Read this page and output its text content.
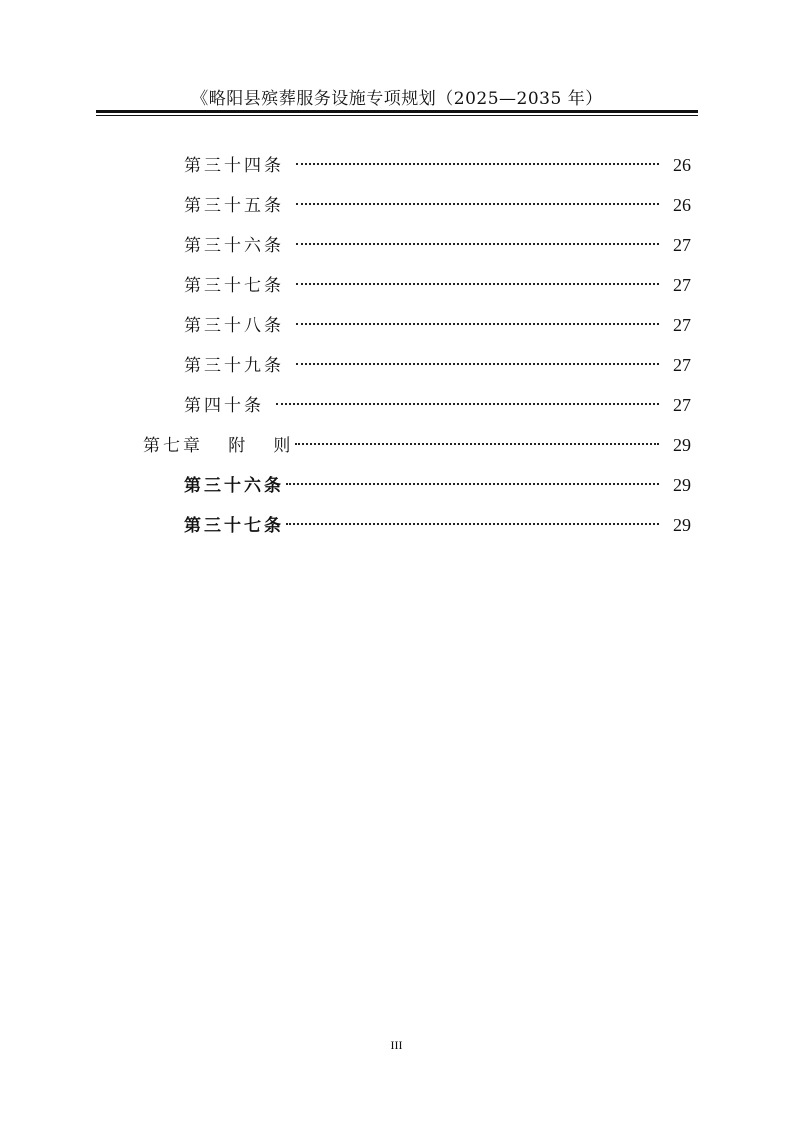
《略阳县殡葬服务设施专项规划（2025—2035 年）
第三十四条	26
第三十五条	26
第三十六条	27
第三十七条	27
第三十八条	27
第三十九条	27
第四十条	27
第七章   附   则	29
第三十六条	29
第三十七条	29
III
